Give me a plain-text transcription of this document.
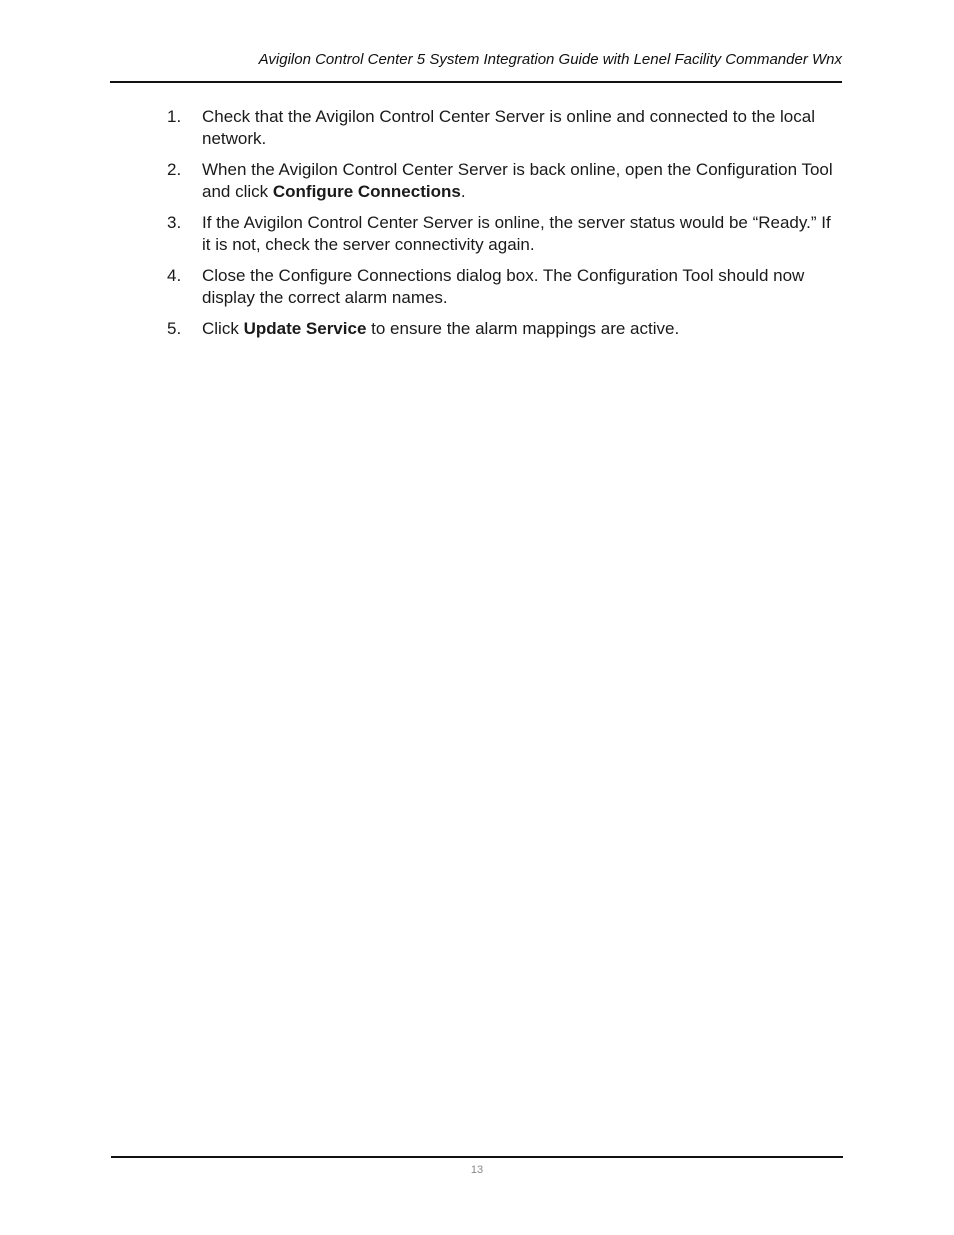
Avigilon Control Center 5 System Integration Guide with Lenel Facility Commander Wnx
1.	Check that the Avigilon Control Center Server is online and connected to the local network.
2.	When the Avigilon Control Center Server is back online, open the Configuration Tool and click Configure Connections.
3.	If the Avigilon Control Center Server is online, the server status would be “Ready.” If it is not, check the server connectivity again.
4.	Close the Configure Connections dialog box. The Configuration Tool should now display the correct alarm names.
5.	Click Update Service to ensure the alarm mappings are active.
13
